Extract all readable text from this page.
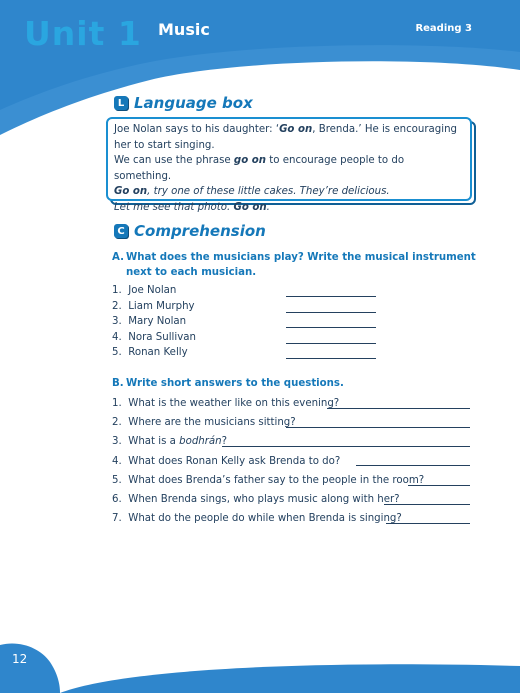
Unit 1 Music	Reading 3
L Language box

Joe Nolan says to his daughter: ‘Go on, Brenda.’ He is encouraging her to start singing.

We can use the phrase go on to encourage people to do something.

Go on, try one of these little cakes. They’re delicious.

Let me see that photo. Go on.

C Comprehension
A. What does the musicians play? Write the musical instrument
next to each musician.
1. Joe Nolan
2. Liam Murphy
3. Mary Nolan
4. Nora Sullivan
5. Ronan Kelly
B. Write short answers to the questions.
1. What is the weather like on this evening?
2. Where are the musicians sitting?
3. What is a bodhrán?
4. What does Ronan Kelly ask Brenda to do?
5. What does Brenda’s father say to the people in the room?
6. When Brenda sings, who plays music along with her?
7. What do the people do while when Brenda is singing?
12
